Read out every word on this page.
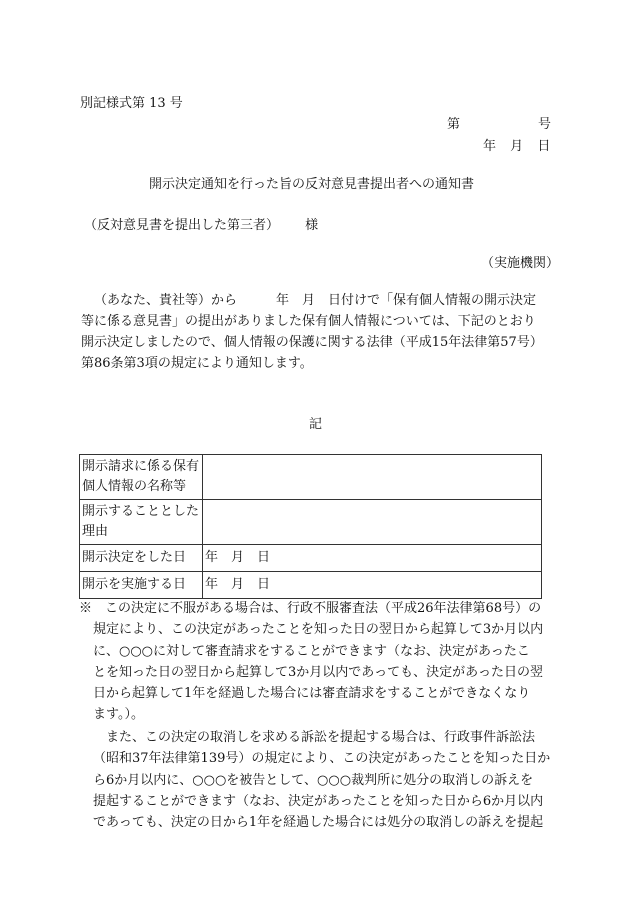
別記様式第 13 号
第	号
年 月 日
開示決定通知を行った旨の反対意見書提出者への通知書
（反対意見書を提出した第三者） 様
（実施機関）
（あなた、貴社等）から　　　年　月　日付けで「保有個人情報の開示決定
等に係る意見書」の提出がありました保有個人情報については、下記のとおり
開示決定しましたので、個人情報の保護に関する法律（平成15年法律第57号）
第86条第3項の規定により通知します。
記
開示請求に係る保有
個人情報の名称等	

開示することとした
理由	

開示決定をした日	年　月　日

開示を実施する日	年　月　日
※　この決定に不服がある場合は、行政不服審査法（平成26年法律第68号）の
規定により、この決定があったことを知った日の翌日から起算して3か月以内
に、○○○に対して審査請求をすることができます（なお、決定があったこ
とを知った日の翌日から起算して3か月以内であっても、決定があった日の翌
日から起算して1年を経過した場合には審査請求をすることができなくなり
ます。）。
また、この決定の取消しを求める訴訟を提起する場合は、行政事件訴訟法
（昭和37年法律第139号）の規定により、この決定があったことを知った日か
ら6か月以内に、○○○を被告として、○○○裁判所に処分の取消しの訴えを
提起することができます（なお、決定があったことを知った日から6か月以内
であっても、決定の日から1年を経過した場合には処分の取消しの訴えを提起
